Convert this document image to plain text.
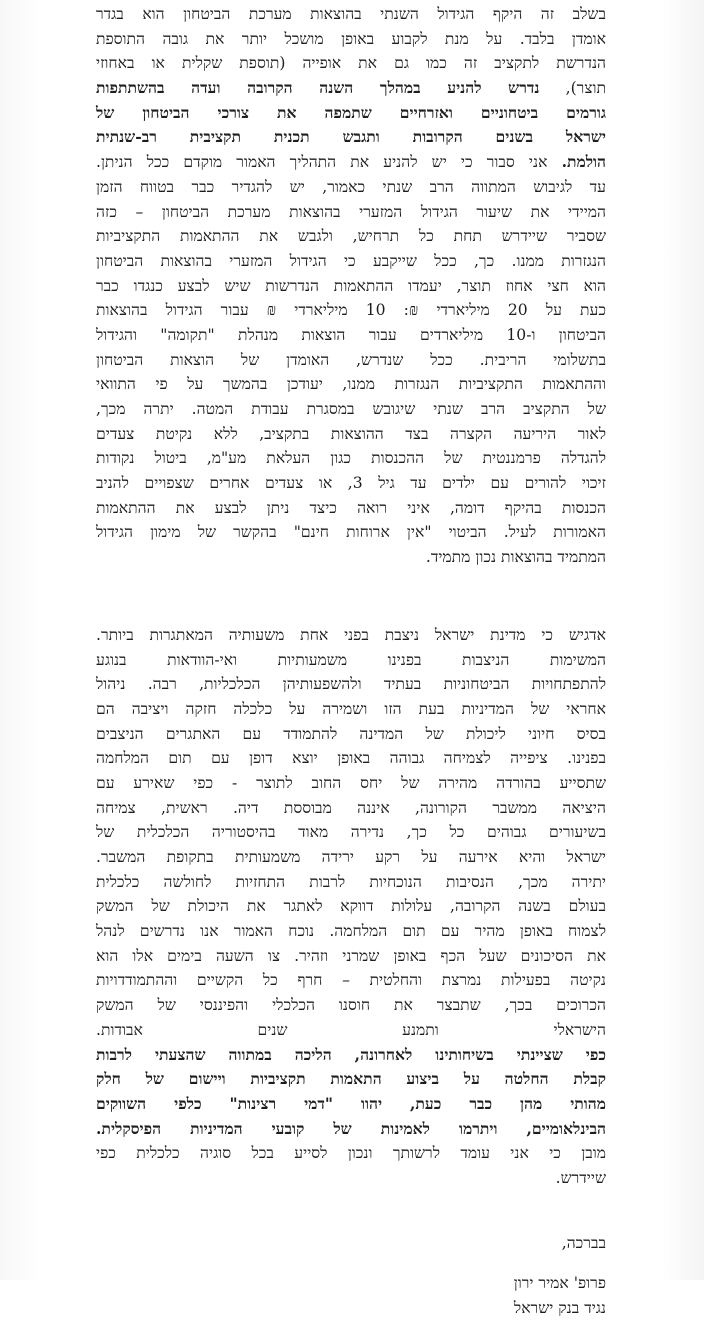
בשלב זה היקף הגידול השנתי בהוצאות מערכת הביטחון הוא בגדר
אומדן בלבד. על מנת לקבוע באופן מושכל יותר את גובה התוספת
הנדרשת לתקציב זה כמו גם את אופייה (תוספת שקלית או באחוזי
תוצר), נדרש להניע במהלך השנה הקרובה ועדה בהשתתפות
גורמים ביטחוניים ואזרחיים שתמפה את צורכי הביטחון של
ישראל בשנים הקרובות ותגבש תכנית תקציבית רב-שנתית
הולמת. אני סבור כי יש להניע את התהליך האמור מוקדם ככל הניתן.
עד לגיבוש המתווה הרב שנתי כאמור, יש להגדיר כבר בטווח הזמן
המיידי את שיעור הגידול המזערי בהוצאות מערכת הביטחון – כזה
שסביר שיידרש תחת כל תרחיש, ולגבש את ההתאמות התקציביות
הנגזרות ממנו. כך, ככל שייקבע כי הגידול המזערי בהוצאות הביטחון
הוא חצי אחוז תוצר, יעמדו ההתאמות הנדרשות שיש לבצע כנגדו כבר
כעת על 20 מיליארדי ₪: 10 מיליארדי ₪ עבור הגידול בהוצאות
הביטחון ו-10 מיליארדים עבור הוצאות מנהלת "תקומה" והגידול
בתשלומי הריבית. ככל שנדרש, האומדן של הוצאות הביטחון
וההתאמות התקציביות הנגזרות ממנו, יעודכן בהמשך על פי התוואי
של התקציב הרב שנתי שיגובש במסגרת עבודת המטה. יתרה מכך,
לאור היריעה הקצרה בצד ההוצאות בתקציב, ללא נקיטת צעדים
להגדלה פרמננטית של ההכנסות כגון העלאת מע"מ, ביטול נקודות
זיכוי להורים עם ילדים עד גיל 3, או צעדים אחרים שצפויים להניב
הכנסות בהיקף דומה, איני רואה כיצד ניתן לבצע את ההתאמות
האמורות לעיל. הביטוי "אין ארוחות חינם" בהקשר של מימון הגידול
המתמיד בהוצאות נכון מתמיד.
אדגיש כי מדינת ישראל ניצבת בפני אחת משעותיה המאתגרות ביותר.
המשימות הניצבות בפנינו משמעותיות ואי-הוודאות בנוגע
להתפתחויות הביטחוניות בעתיד ולהשפעותיהן הכלכליות, רבה. ניהול
אחראי של המדיניות בעת הזו ושמירה על כלכלה חזקה ויציבה הם
בסיס חיוני ליכולת של המדינה להתמודד עם האתגרים הניצבים
בפנינו. ציפייה לצמיחה גבוהה באופן יוצא דופן עם תום המלחמה
שתסייע בהורדה מהירה של יחס החוב לתוצר - כפי שאירע עם
היציאה ממשבר הקורונה, איננה מבוססת דיה. ראשית, צמיחה
בשיעורים גבוהים כל כך, נדירה מאוד בהיסטוריה הכלכלית של
ישראל והיא אירעה על רקע ירידה משמעותית בתקופת המשבר.
יתירה מכך, הנסיבות הנוכחיות לרבות התחזיות לחולשה כלכלית
בעולם בשנה הקרובה, עלולות דווקא לאתגר את היכולת של המשק
לצמוח באופן מהיר עם תום המלחמה. נוכח האמור אנו נדרשים לנהל
את הסיכונים שעל הכף באופן שמרני וזהיר. צו השעה בימים אלו הוא
נקיטה בפעילות נמרצת והחלטית – חרף כל הקשיים וההתמודדויות
הכרוכים בכך, שתבצר את חוסנו הכלכלי והפיננסי של המשק
הישראלי ותמנע שנים אבודות.
כפי שציינתי בשיחותינו לאחרונה, הליכה במתווה שהצעתי לרבות
קבלת החלטה על ביצוע התאמות תקציביות ויישום של חלק
מהותי מהן כבר כעת, יהוו "דמי רצינות" כלפי השווקים
הבינלאומיים, ויתרמו לאמינות של קובעי המדיניות הפיסקלית.
מובן כי אני עומד לרשותך ונכון לסייע בכל סוגיה כלכלית כפי
שיידרש.
בברכה,
פרופ' אמיר ירון
נגיד בנק ישראל
